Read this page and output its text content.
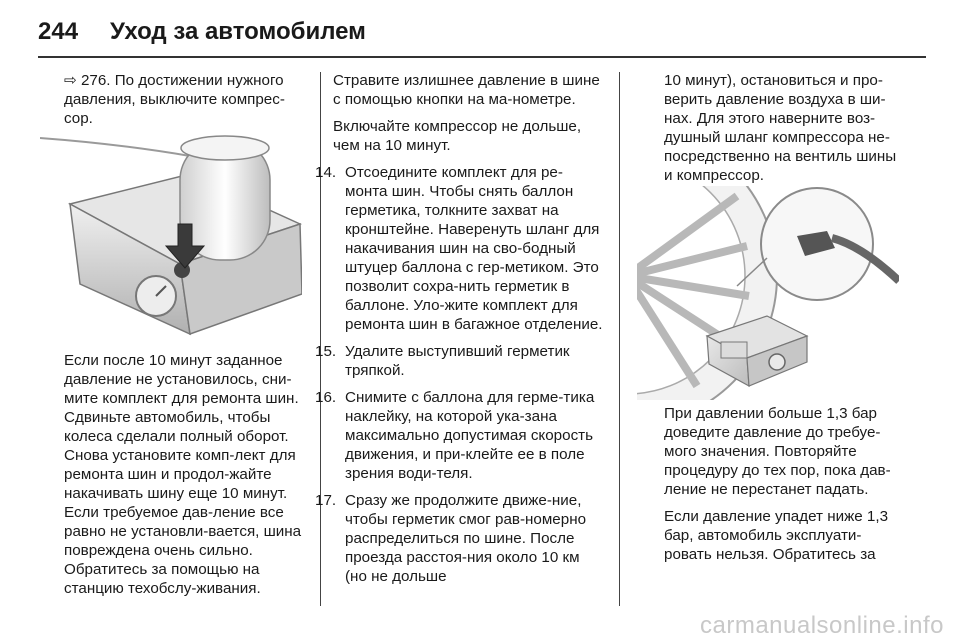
244 Уход за автомобилем

⇨ 276. По достижении нужного давления, выключите компрес-сор.

Если после 10 минут заданное давление не установилось, сни-мите комплект для ремонта шин. Сдвиньте автомобиль, чтобы колеса сделали полный оборот. Снова установите комп-лект для ремонта шин и продол-жайте накачивать шину еще 10 минут. Если требуемое дав-ление все равно не установли-вается, шина повреждена очень сильно. Обратитесь за помощью на станцию техобслу-живания.

Стравите излишнее давление в шине с помощью кнопки на ма-нометре.

Включайте компрессор не дольше, чем на 10 минут.

14. Отсоедините комплект для ре-монта шин. Чтобы снять баллон герметика, толкните захват на кронштейне. Наверенуть шланг для накачивания шин на сво-бодный штуцер баллона с гер-метиком. Это позволит сохра-нить герметик в баллоне. Уло-жите комплект для ремонта шин в багажное отделение.
15. Удалите выступивший герметик тряпкой.
16. Снимите с баллона для герме-тика наклейку, на которой ука-зана максимально допустимая скорость движения, и при-клейте ее в поле зрения води-теля.
17. Сразу же продолжите движе-ние, чтобы герметик смог рав-номерно распределиться по шине. После проезда расстоя-ния около 10 км (но не дольше

10 минут), остановиться и про-верить давление воздуха в ши-нах. Для этого наверните воз-душный шланг компрессора не-посредственно на вентиль шины и компрессор.

При давлении больше 1,3 бар доведите давление до требуе-мого значения. Повторяйте процедуру до тех пор, пока дав-ление не перестанет падать.

Если давление упадет ниже 1,3 бар, автомобиль эксплуати-ровать нельзя. Обратитесь за

carmanualsonline.info
